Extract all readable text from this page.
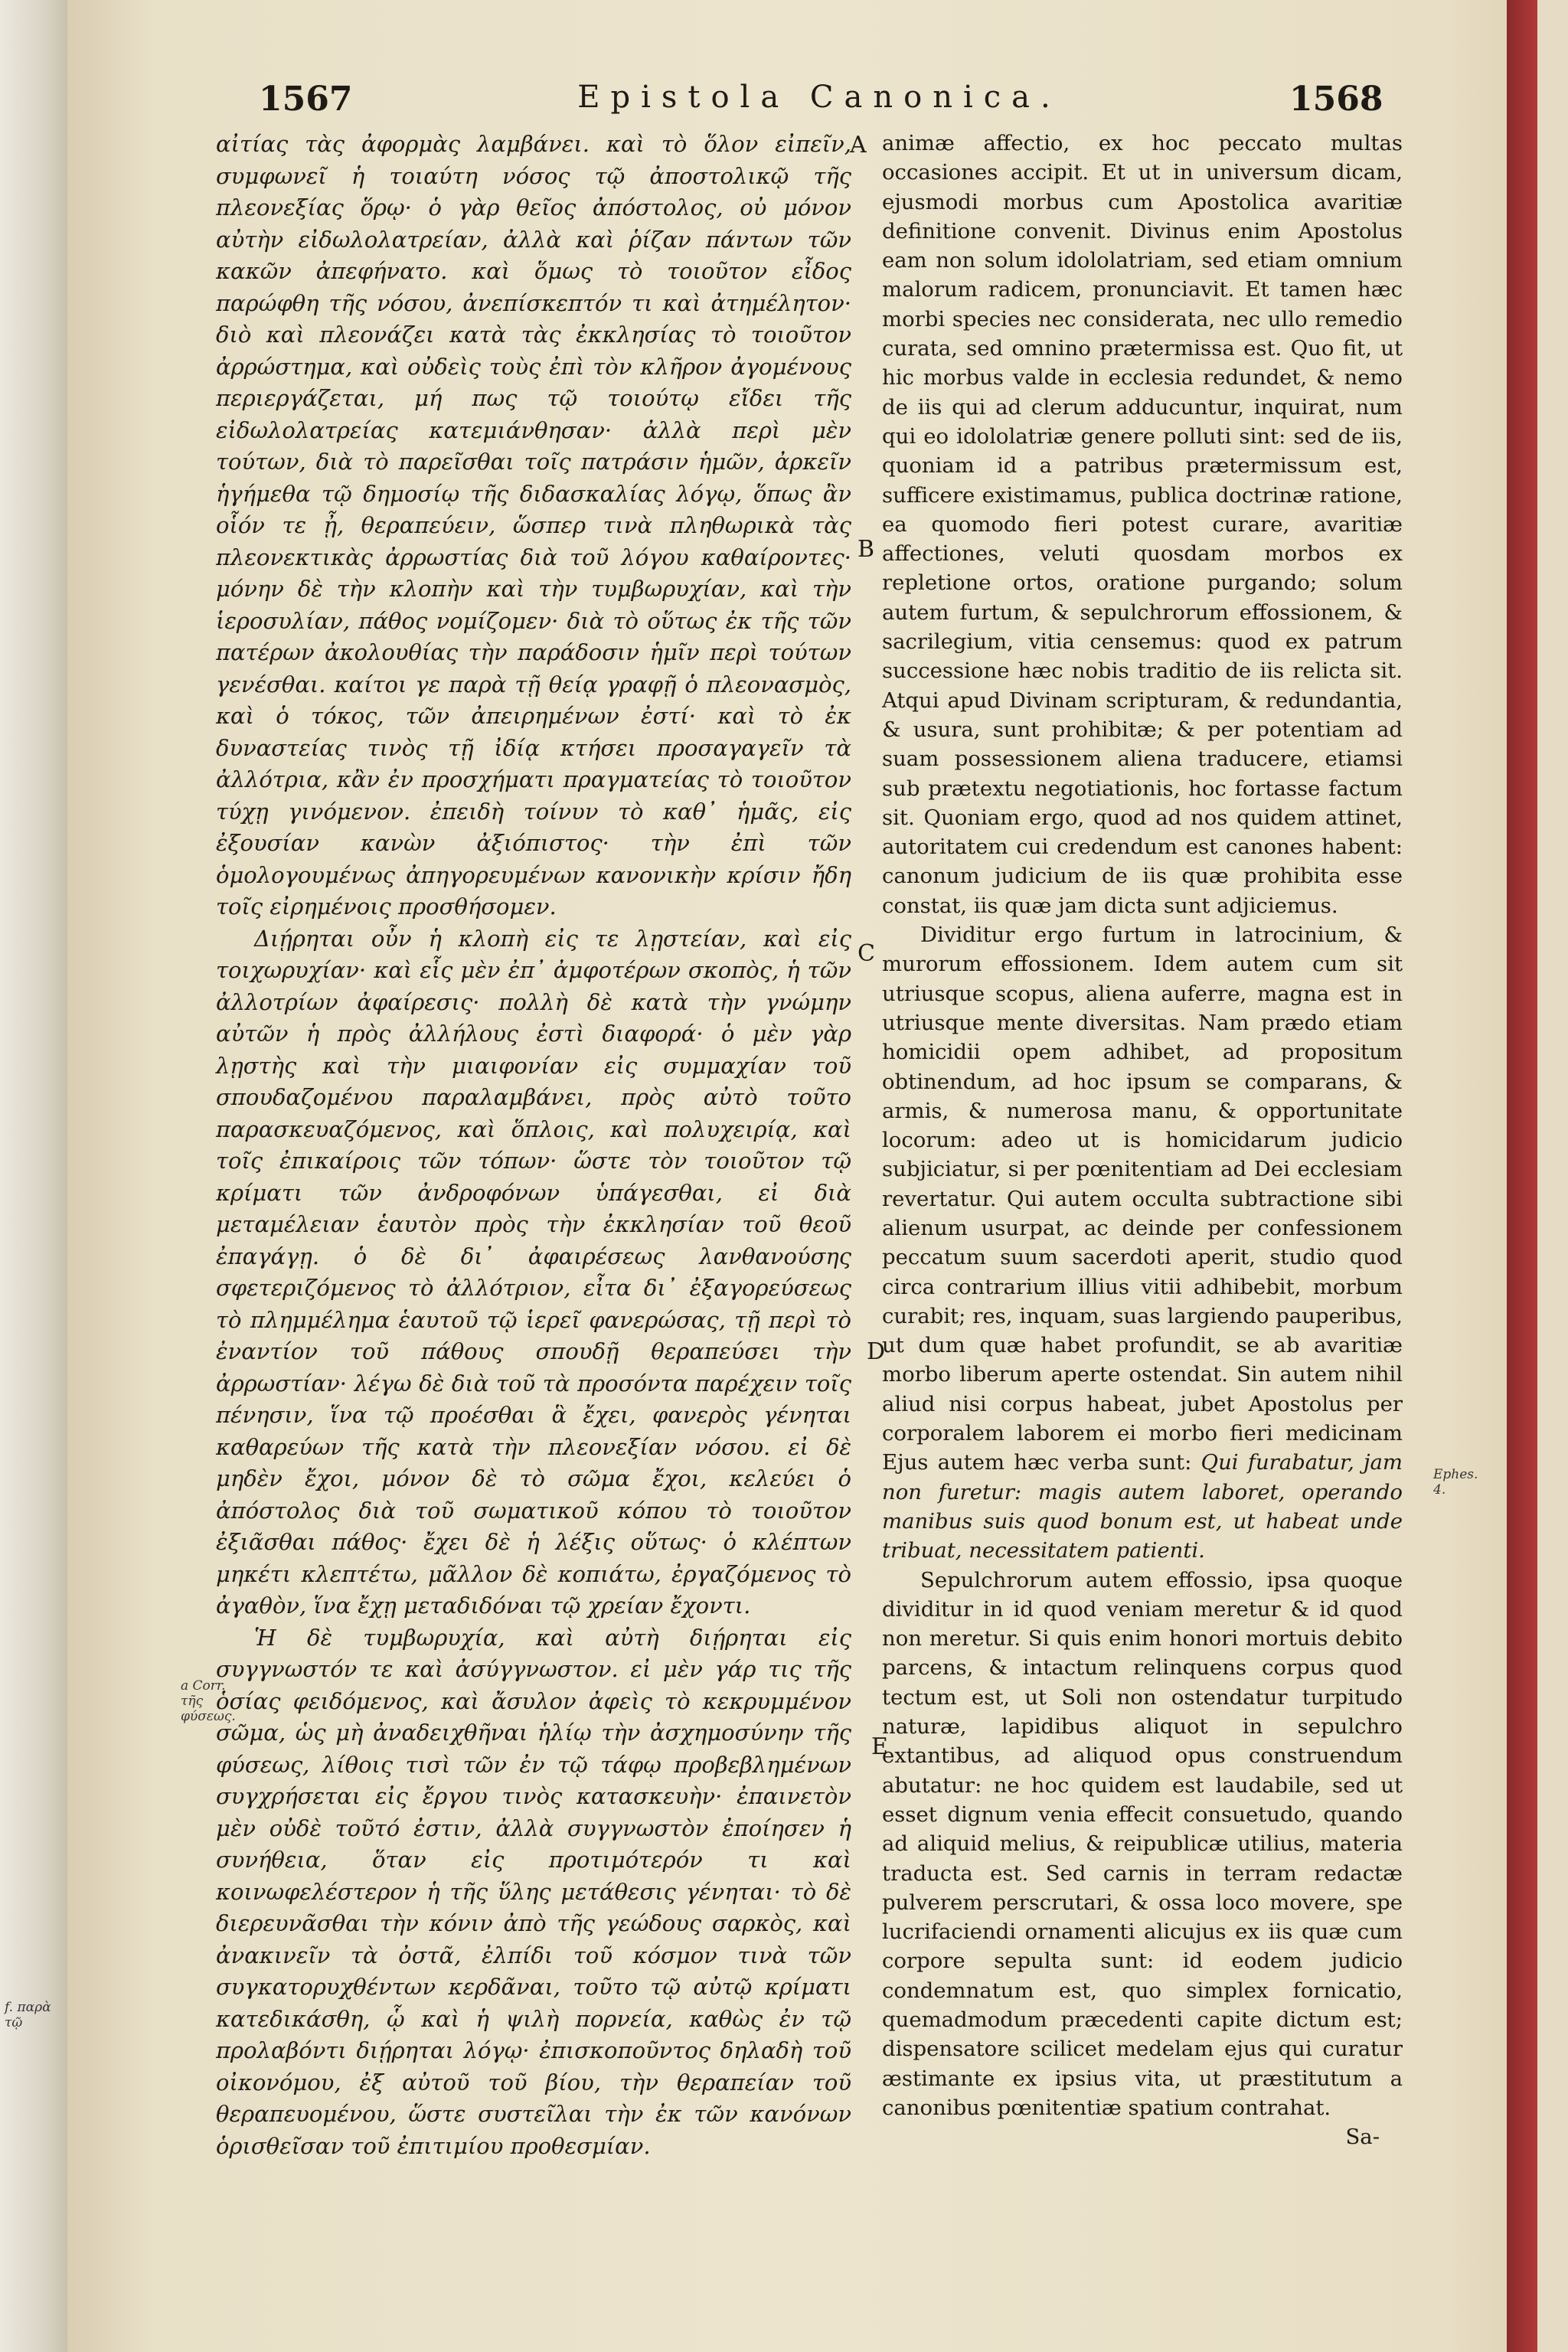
1567	Epistola Canonica.	1568

αἰτίας τὰς ἀφορμὰς λαμβάνει. καὶ τὸ ὅλον εἰπεῖν, συμφωνεῖ ἡ τοιαύτη νόσος τῷ ἀποστολικῷ τῆς πλεονεξίας ὅρῳ· ὁ γὰρ θεῖος ἀπόστολος, οὐ μόνον αὐτὴν εἰδωλολατρείαν, ἀλλὰ καὶ ῥίζαν πάντων τῶν κακῶν ἀπεφήνατο. καὶ ὅμως τὸ τοιοῦτον εἶδος παρώφθη τῆς νόσου, ἀνεπίσκεπτόν τι καὶ ἀτημέλητον· διὸ καὶ πλεονάζει κατὰ τὰς ἐκκλησίας τὸ τοιοῦτον ἀρρώστημα, καὶ οὐδεὶς τοὺς ἐπὶ τὸν κλῆρον ἀγομένους περιεργάζεται, μή πως τῷ τοιούτῳ εἴδει τῆς εἰδωλολατρείας κατεμιάνθησαν· ἀλλὰ περὶ μὲν τούτων, διὰ τὸ παρεῖσθαι τοῖς πατράσιν ἡμῶν, ἀρκεῖν ἡγήμεθα τῷ δημοσίῳ τῆς διδασκαλίας λόγῳ, ὅπως ἂν οἷόν τε ᾖ, θεραπεύειν, ὥσπερ τινὰ πληθωρικὰ τὰς πλεονεκτικὰς ἀρρωστίας διὰ τοῦ λόγου καθαίροντες· μόνην δὲ τὴν κλοπὴν καὶ τὴν τυμβωρυχίαν, καὶ τὴν ἱεροσυλίαν, πάθος νομίζομεν· διὰ τὸ οὕτως ἐκ τῆς τῶν πατέρων ἀκολουθίας τὴν παράδοσιν ἡμῖν περὶ τούτων γενέσθαι. καίτοι γε παρὰ τῇ θείᾳ γραφῇ ὁ πλεονασμὸς, καὶ ὁ τόκος, τῶν ἀπειρημένων ἐστί· καὶ τὸ ἐκ δυναστείας τινὸς τῇ ἰδίᾳ κτήσει προσαγαγεῖν τὰ ἀλλότρια, κἂν ἐν προσχήματι πραγματείας τὸ τοιοῦτον τύχῃ γινόμενον. ἐπειδὴ τοίνυν τὸ καθ᾽ ἡμᾶς, εἰς ἐξουσίαν κανὼν ἀξιόπιστος· τὴν ἐπὶ τῶν ὁμολογουμένως ἀπηγορευμένων κανονικὴν κρίσιν ἤδη τοῖς εἰρημένοις προσθήσομεν.

Διῄρηται οὖν ἡ κλοπὴ εἰς τε λῃστείαν, καὶ εἰς τοιχωρυχίαν· καὶ εἷς μὲν ἐπ᾽ ἀμφοτέρων σκοπὸς, ἡ τῶν ἀλλοτρίων ἀφαίρεσις· πολλὴ δὲ κατὰ τὴν γνώμην αὐτῶν ἡ πρὸς ἀλλήλους ἐστὶ διαφορά· ὁ μὲν γὰρ λῃστὴς καὶ τὴν μιαιφονίαν εἰς συμμαχίαν τοῦ σπουδαζομένου παραλαμβάνει, πρὸς αὐτὸ τοῦτο παρασκευαζόμενος, καὶ ὅπλοις, καὶ πολυχειρίᾳ, καὶ τοῖς ἐπικαίροις τῶν τόπων· ὥστε τὸν τοιοῦτον τῷ κρίματι τῶν ἀνδροφόνων ὑπάγεσθαι, εἰ διὰ μεταμέλειαν ἑαυτὸν πρὸς τὴν ἐκκλησίαν τοῦ θεοῦ ἐπαγάγῃ. ὁ δὲ δι᾽ ἀφαιρέσεως λανθανούσης σφετεριζόμενος τὸ ἀλλότριον, εἶτα δι᾽ ἐξαγορεύσεως τὸ πλημμέλημα ἑαυτοῦ τῷ ἱερεῖ φανερώσας, τῇ περὶ τὸ ἐναντίον τοῦ πάθους σπουδῇ θεραπεύσει τὴν ἀρρωστίαν· λέγω δὲ διὰ τοῦ τὰ προσόντα παρέχειν τοῖς πένησιν, ἵνα τῷ προέσθαι ἃ ἔχει, φανερὸς γένηται καθαρεύων τῆς κατὰ τὴν πλεονεξίαν νόσου. εἰ δὲ μηδὲν ἔχοι, μόνον δὲ τὸ σῶμα ἔχοι, κελεύει ὁ ἀπόστολος διὰ τοῦ σωματικοῦ κόπου τὸ τοιοῦτον ἐξιᾶσθαι πάθος· ἔχει δὲ ἡ λέξις οὕτως· ὁ κλέπτων μηκέτι κλεπτέτω, μᾶλλον δὲ κοπιάτω, ἐργαζόμενος τὸ ἀγαθὸν, ἵνα ἔχῃ μεταδιδόναι τῷ χρείαν ἔχοντι.

Ἡ δὲ τυμβωρυχία, καὶ αὐτὴ διῄρηται εἰς συγγνωστόν τε καὶ ἀσύγγνωστον. εἰ μὲν γάρ τις τῆς ὁσίας φειδόμενος, καὶ ἄσυλον ἀφεὶς τὸ κεκρυμμένον σῶμα, ὡς μὴ ἀναδειχθῆναι ἡλίῳ τὴν ἀσχημοσύνην τῆς φύσεως, λίθοις τισὶ τῶν ἐν τῷ τάφῳ προβεβλημένων συγχρήσεται εἰς ἔργου τινὸς κατασκευὴν· ἐπαινετὸν μὲν οὐδὲ τοῦτό ἐστιν, ἀλλὰ συγγνωστὸν ἐποίησεν ἡ συνήθεια, ὅταν εἰς προτιμότερόν τι καὶ κοινωφελέστερον ἡ τῆς ὕλης μετάθεσις γένηται· τὸ δὲ διερευνᾶσθαι τὴν κόνιν ἀπὸ τῆς γεώδους σαρκὸς, καὶ ἀνακινεῖν τὰ ὀστᾶ, ἐλπίδι τοῦ κόσμον τινὰ τῶν συγκατορυχθέντων κερδᾶναι, τοῦτο τῷ αὐτῷ κρίματι κατεδικάσθη, ᾧ καὶ ἡ ψιλὴ πορνεία, καθὼς ἐν τῷ προλαβόντι διῄρηται λόγῳ· ἐπισκοποῦντος δηλαδὴ τοῦ οἰκονόμου, ἐξ αὐτοῦ τοῦ βίου, τὴν θεραπείαν τοῦ θεραπευομένου, ὥστε συστεῖλαι τὴν ἐκ τῶν κανόνων ὁρισθεῖσαν τοῦ ἐπιτιμίου προθεσμίαν.

animæ affectio, ex hoc peccato multas occasiones accipit. Et ut in universum dicam, ejusmodi morbus cum Apostolica avaritiæ definitione convenit. Divinus enim Apostolus eam non solum idololatriam, sed etiam omnium malorum radicem, pronunciavit. Et tamen hæc morbi species nec considerata, nec ullo remedio curata, sed omnino prætermissa est. Quo fit, ut hic morbus valde in ecclesia redundet, & nemo de iis qui ad clerum adducuntur, inquirat, num qui eo idololatriæ genere polluti sint: sed de iis, quoniam id a patribus prætermissum est, sufficere existimamus, publica doctrinæ ratione, ea quomodo fieri potest curare, avaritiæ affectiones, veluti quosdam morbos ex repletione ortos, oratione purgando; solum autem furtum, & sepulchrorum effossionem, & sacrilegium, vitia censemus: quod ex patrum successione hæc nobis traditio de iis relicta sit. Atqui apud Divinam scripturam, & redundantia, & usura, sunt prohibitæ; & per potentiam ad suam possessionem aliena traducere, etiamsi sub prætextu negotiationis, hoc fortasse factum sit. Quoniam ergo, quod ad nos quidem attinet, autoritatem cui credendum est canones habent: canonum judicium de iis quæ prohibita esse constat, iis quæ jam dicta sunt adjiciemus.

Dividitur ergo furtum in latrocinium, & murorum effossionem. Idem autem cum sit utriusque scopus, aliena auferre, magna est in utriusque mente diversitas. Nam prædo etiam homicidii opem adhibet, ad propositum obtinendum, ad hoc ipsum se comparans, & armis, & numerosa manu, & opportunitate locorum: adeo ut is homicidarum judicio subjiciatur, si per pœnitentiam ad Dei ecclesiam revertatur. Qui autem occulta subtractione sibi alienum usurpat, ac deinde per confessionem peccatum suum sacerdoti aperit, studio quod circa contrarium illius vitii adhibebit, morbum curabit; res, inquam, suas largiendo pauperibus, ut dum quæ habet profundit, se ab avaritiæ morbo liberum aperte ostendat. Sin autem nihil aliud nisi corpus habeat, jubet Apostolus per corporalem laborem ei morbo fieri medicinam Ejus autem hæc verba sunt: Qui furabatur, jam non furetur: magis autem laboret, operando manibus suis quod bonum est, ut habeat unde tribuat, necessitatem patienti.

Sepulchrorum autem effossio, ipsa quoque dividitur in id quod veniam meretur & id quod non meretur. Si quis enim honori mortuis debito parcens, & intactum relinquens corpus quod tectum est, ut Soli non ostendatur turpitudo naturæ, lapidibus aliquot in sepulchro extantibus, ad aliquod opus construendum abutatur: ne hoc quidem est laudabile, sed ut esset dignum venia effecit consuetudo, quando ad aliquid melius, & reipublicæ utilius, materia traducta est. Sed carnis in terram redactæ pulverem perscrutari, & ossa loco movere, spe lucrifaciendi ornamenti alicujus ex iis quæ cum corpore sepulta sunt: id eodem judicio condemnatum est, quo simplex fornicatio, quemadmodum præcedenti capite dictum est; dispensatore scilicet medelam ejus qui curatur æstimante ex ipsius vita, ut præstitutum a canonibus pœnitentiæ spatium contrahat.

Sa-

A
B
C
D
E
a Corr. τῆς φύσεως.
Ephes. 4.
f. παρὰ τῷ
